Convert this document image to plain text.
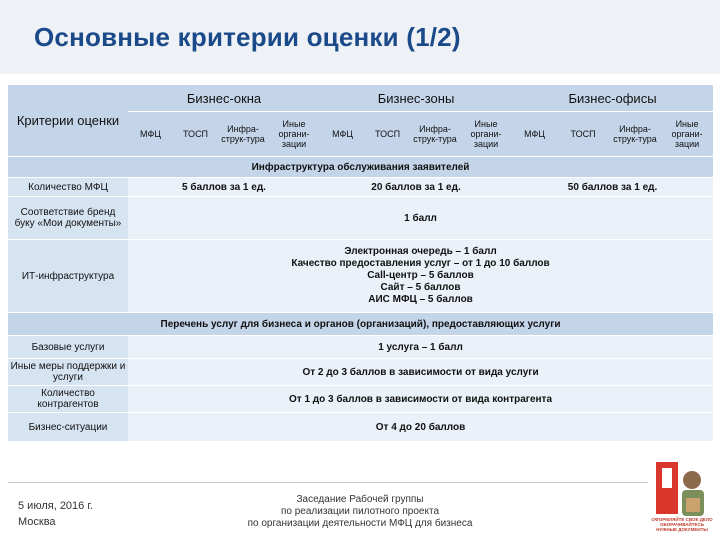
Основные критерии оценки (1/2)
Критерии оценки	Бизнес-окна				Бизнес-зоны				Бизнес-офисы			
	МФЦ	ТОСП	Инфра-струк-тура	Иные органи-зации	МФЦ	ТОСП	Инфра-струк-тура	Иные органи-зации	МФЦ	ТОСП	Инфра-струк-тура	Иные органи-зации
Инфраструктура обслуживания заявителей												
Количество МФЦ	5 баллов за 1 ед.				20 баллов за 1 ед.				50 баллов за 1 ед.			
Соответствие бренд буку «Мои документы»	1 балл											
ИТ-инфраструктура	Электронная очередь – 1 балл
Качество предоставления услуг – от 1 до 10 баллов
Call-центр – 5 баллов
Сайт – 5 баллов
АИС МФЦ – 5 баллов											

Перечень услуг для бизнеса и органов (организаций), предоставляющих услуги												
Базовые услуги	1 услуга – 1 балл											
Иные меры поддержки и услуги	От 2 до 3 баллов в зависимости от вида услуги											
Количество контрагентов	От 1 до 3 баллов в зависимости от вида контрагента											
Бизнес-ситуации	От 4 до 20 баллов											
5 июля, 2016 г.
Москва
Заседание Рабочей группы
по реализации пилотного проекта
по организации деятельности МФЦ для бизнеса	ОФОРМЛЯЙТЕ СВОЕ ДЕЛО ОБОРАЧИВАЙТЕСЬ НУЖНЫЕ ДОКУМЕНТЫ
